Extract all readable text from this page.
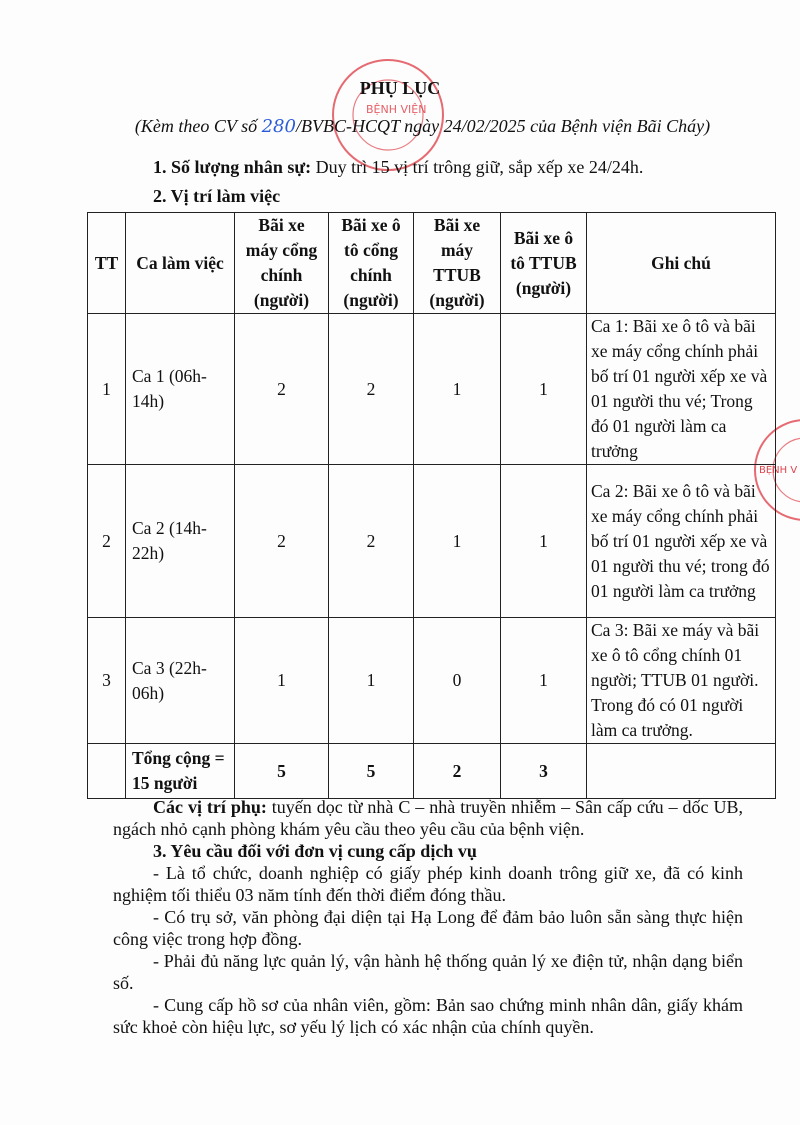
BỆNH VIỆN
BỆNH V
PHỤ LỤC
(Kèm theo CV số 280/BVBC-HCQT ngày 24/02/2025 của Bệnh viện Bãi Cháy)
1. Số lượng nhân sự: Duy trì 15 vị trí trông giữ, sắp xếp xe 24/24h.
2. Vị trí làm việc
TT	Ca làm việc	Bãi xe máy cổng chính (người)	Bãi xe ô tô cổng chính (người)	Bãi xe máy TTUB (người)	Bãi xe ô tô TTUB (người)	Ghi chú
1	Ca 1 (06h-14h)	2	2	1	1	Ca 1: Bãi xe ô tô và bãi xe máy cổng chính phải bố trí 01 người xếp xe và 01 người thu vé; Trong đó 01 người làm ca trưởng
2	Ca 2 (14h-22h)	2	2	1	1	Ca 2: Bãi xe ô tô và bãi xe máy cổng chính phải bố trí 01 người xếp xe và 01 người thu vé; trong đó 01 người làm ca trưởng
3	Ca 3 (22h-06h)	1	1	0	1	Ca 3: Bãi xe máy và bãi xe ô tô cổng chính 01 người; TTUB 01 người. Trong đó có 01 người làm ca trưởng.
	Tổng cộng = 15 người	5	5	2	3	
Các vị trí phụ: tuyến dọc từ nhà C – nhà truyền nhiễm – Sân cấp cứu – dốc UB, ngách nhỏ cạnh phòng khám yêu cầu theo yêu cầu của bệnh viện.
3. Yêu cầu đối với đơn vị cung cấp dịch vụ
- Là tổ chức, doanh nghiệp có giấy phép kinh doanh trông giữ xe, đã có kinh nghiệm tối thiểu 03 năm tính đến thời điểm đóng thầu.
- Có trụ sở, văn phòng đại diện tại Hạ Long để đảm bảo luôn sẵn sàng thực hiện công việc trong hợp đồng.
- Phải đủ năng lực quản lý, vận hành hệ thống quản lý xe điện tử, nhận dạng biển số.
- Cung cấp hồ sơ của nhân viên, gồm: Bản sao chứng minh nhân dân, giấy khám sức khoẻ còn hiệu lực, sơ yếu lý lịch có xác nhận của chính quyền.
